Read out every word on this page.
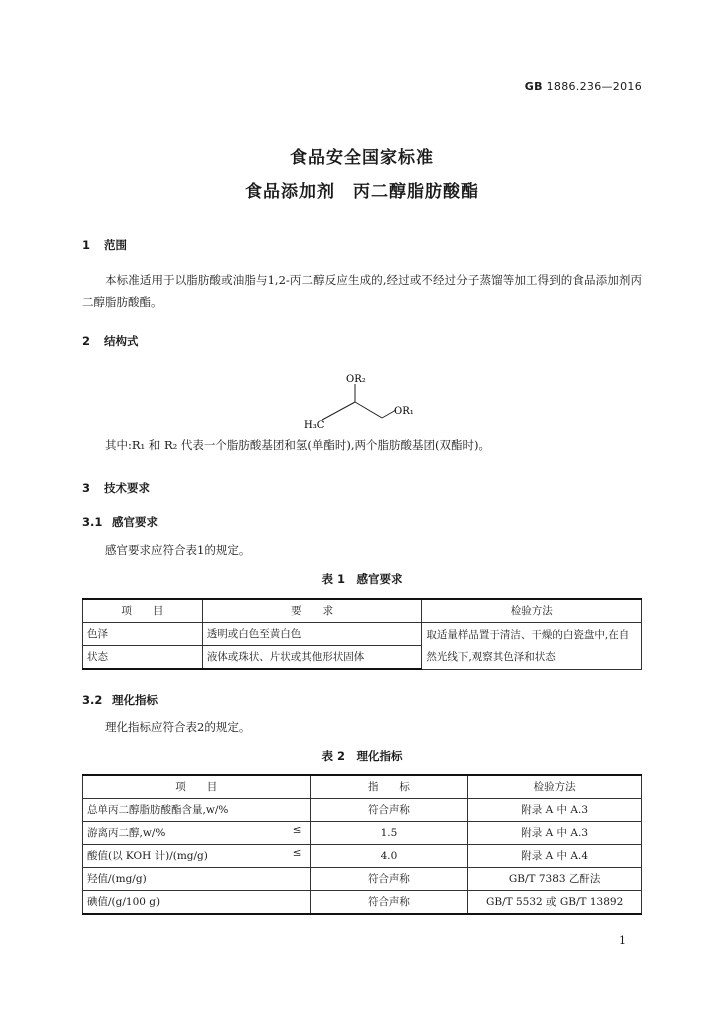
GB 1886.236—2016
食品安全国家标准
食品添加剂　丙二醇脂肪酸酯
1 范围
本标准适用于以脂肪酸或油脂与1,2-丙二醇反应生成的,经过或不经过分子蒸馏等加工得到的食品添加剂丙二醇脂肪酸酯。
2 结构式
OR₂
OR₁
H₃C
其中:R₁ 和 R₂ 代表一个脂肪酸基团和氢(单酯时),两个脂肪酸基团(双酯时)。
3 技术要求
3.1 感官要求
感官要求应符合表1的规定。
表 1　感官要求
项　　目	要　　求	检验方法
色泽	透明或白色至黄白色	取适量样品置于清洁、干燥的白瓷盘中,在自然光线下,观察其色泽和状态
状态	液体或珠状、片状或其他形状固体	
3.2 理化指标
理化指标应符合表2的规定。
表 2　理化指标
项　　目	指　　标	检验方法
总单丙二醇脂肪酸酯含量,w/%	符合声称	附录 A 中 A.3
游离丙二醇,w/% ≤	1.5	附录 A 中 A.3
酸值(以 KOH 计)/(mg/g) ≤	4.0	附录 A 中 A.4
羟值/(mg/g)	符合声称	GB/T 7383 乙酐法
碘值/(g/100 g)	符合声称	GB/T 5532 或 GB/T 13892
1
